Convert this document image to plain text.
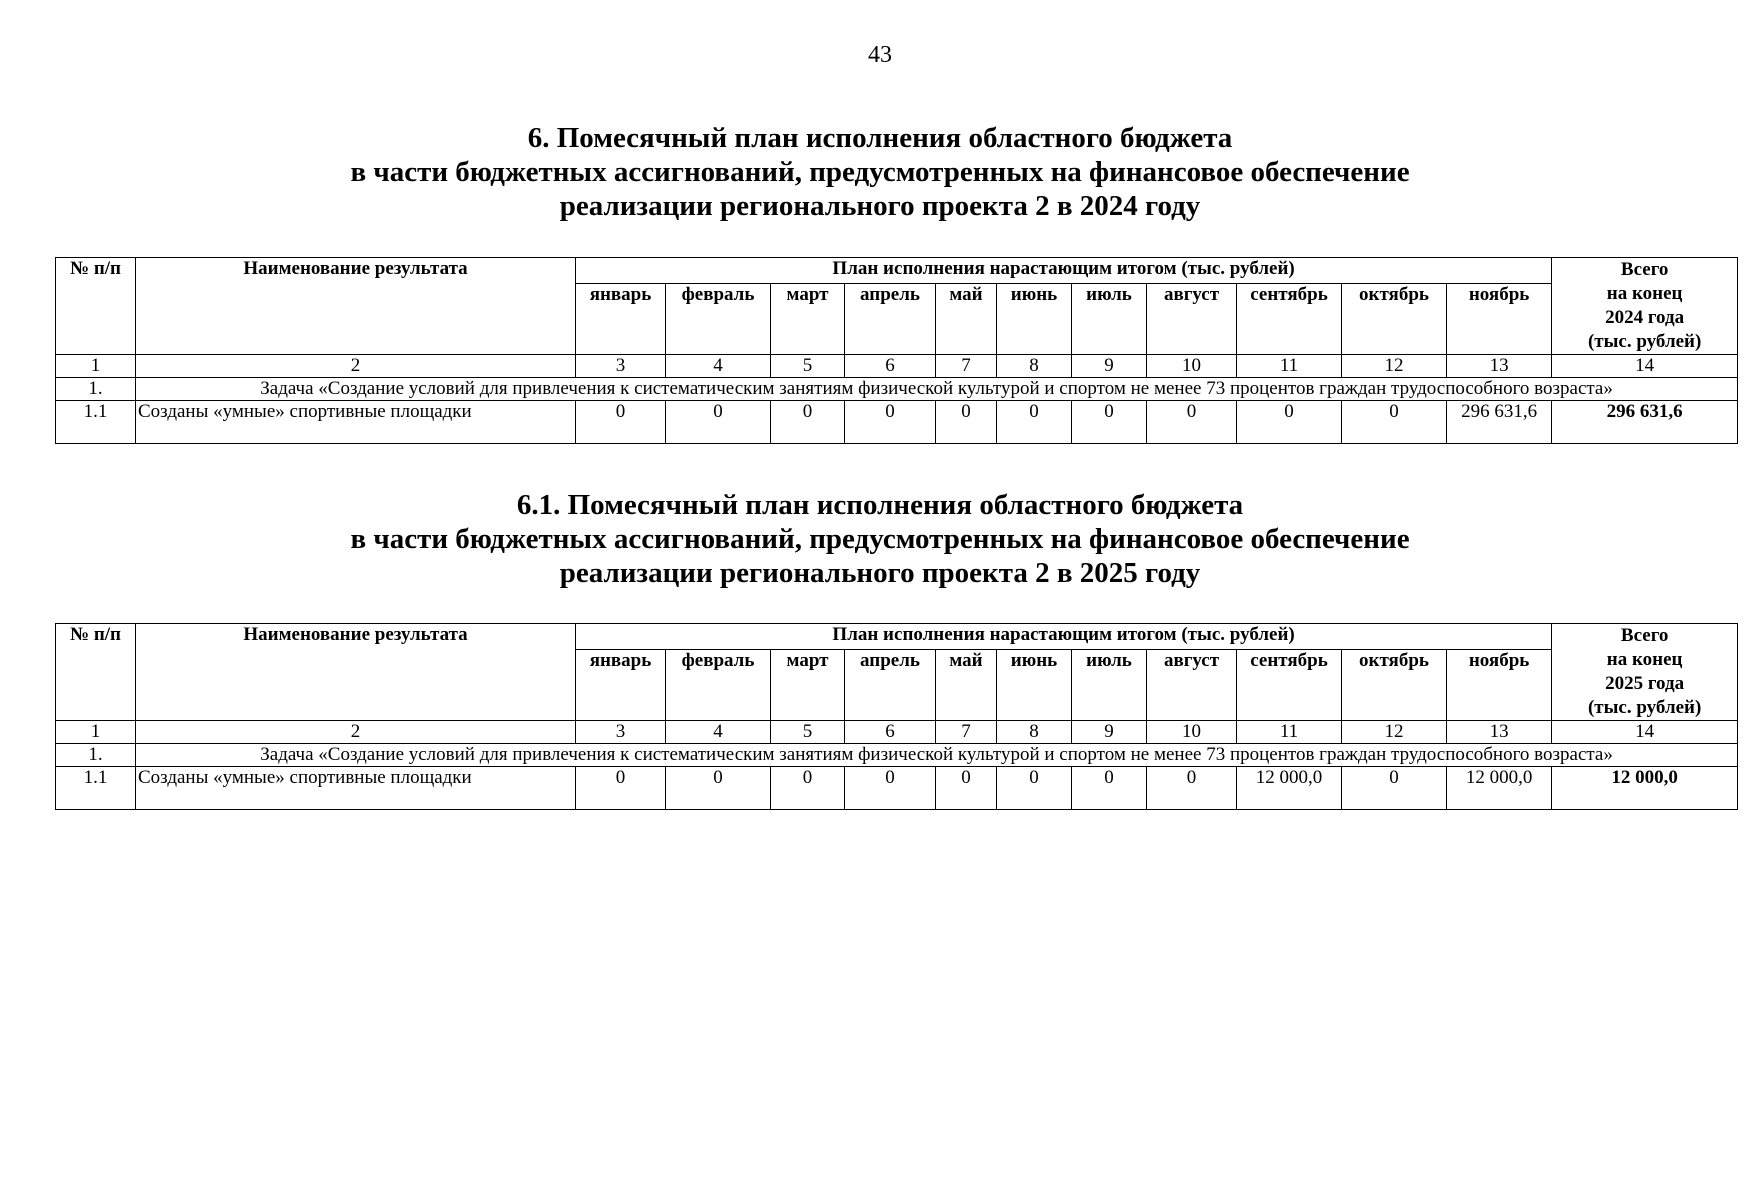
43
6. Помесячный план исполнения областного бюджета
в части бюджетных ассигнований, предусмотренных на финансовое обеспечение
реализации регионального проекта 2 в 2024 году
№ п/п	Наименование результата	План исполнения нарастающим итогом (тыс. рублей)											Всего
на конец
2024 года
(тыс. рублей)

		январь	февраль	март	апрель	май	июнь	июль	август	сентябрь	октябрь	ноябрь	
1	2	3	4	5	6	7	8	9	10	11	12	13	14
1.	Задача «Создание условий для привлечения к систематическим занятиям физической культурой и спортом не менее 73 процентов граждан трудоспособного возраста»												
1.1	Созданы «умные» спортивные площадки	0	0	0	0	0	0	0	0	0	0	296 631,6	296 631,6
6.1. Помесячный план исполнения областного бюджета
в части бюджетных ассигнований, предусмотренных на финансовое обеспечение
реализации регионального проекта 2 в 2025 году
№ п/п	Наименование результата	План исполнения нарастающим итогом (тыс. рублей)											Всего
на конец
2025 года
(тыс. рублей)

		январь	февраль	март	апрель	май	июнь	июль	август	сентябрь	октябрь	ноябрь	
1	2	3	4	5	6	7	8	9	10	11	12	13	14
1.	Задача «Создание условий для привлечения к систематическим занятиям физической культурой и спортом не менее 73 процентов граждан трудоспособного возраста»												
1.1	Созданы «умные» спортивные площадки	0	0	0	0	0	0	0	0	12 000,0	0	12 000,0	12 000,0
